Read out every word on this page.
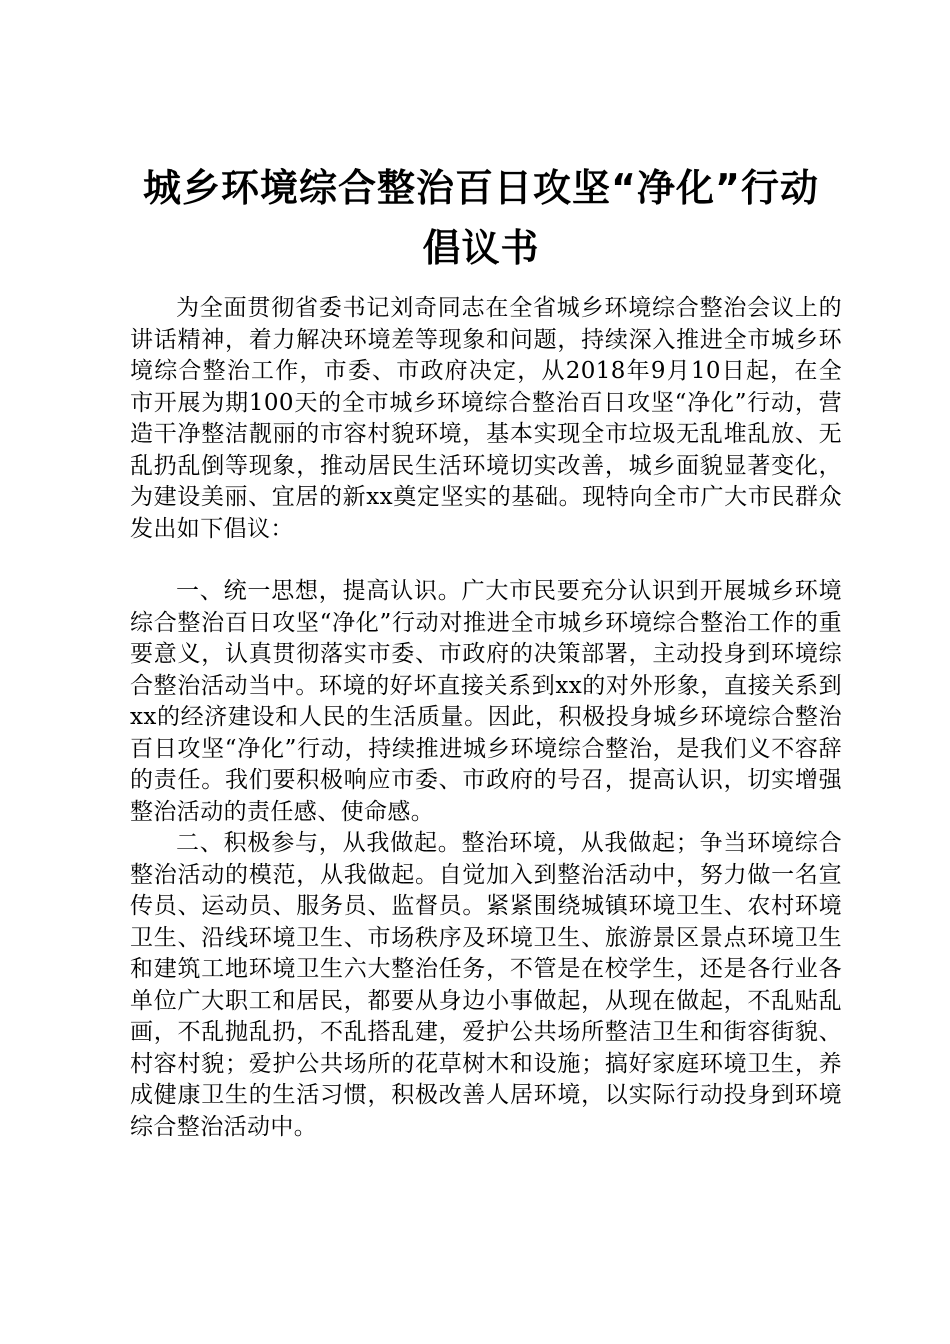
城乡环境综合整治百日攻坚“净化”行动倡议书

为全面贯彻省委书记刘奇同志在全省城乡环境综合整治会议上的讲话精神，着力解决环境差等现象和问题，持续深入推进全市城乡环境综合整治工作，市委、市政府决定，从2018年9月10日起，在全市开展为期100天的全市城乡环境综合整治百日攻坚“净化”行动，营造干净整洁靓丽的市容村貌环境，基本实现全市垃圾无乱堆乱放、无乱扔乱倒等现象，推动居民生活环境切实改善，城乡面貌显著变化，为建设美丽、宜居的新xx奠定坚实的基础。现特向全市广大市民群众发出如下倡议：

一、统一思想，提高认识。广大市民要充分认识到开展城乡环境综合整治百日攻坚“净化”行动对推进全市城乡环境综合整治工作的重要意义，认真贯彻落实市委、市政府的决策部署，主动投身到环境综合整治活动当中。环境的好坏直接关系到xx的对外形象，直接关系到xx的经济建设和人民的生活质量。因此，积极投身城乡环境综合整治百日攻坚“净化”行动，持续推进城乡环境综合整治，是我们义不容辞的责任。我们要积极响应市委、市政府的号召，提高认识，切实增强整治活动的责任感、使命感。

二、积极参与，从我做起。整治环境，从我做起；争当环境综合整治活动的模范，从我做起。自觉加入到整治活动中，努力做一名宣传员、运动员、服务员、监督员。紧紧围绕城镇环境卫生、农村环境卫生、沿线环境卫生、市场秩序及环境卫生、旅游景区景点环境卫生和建筑工地环境卫生六大整治任务，不管是在校学生，还是各行业各单位广大职工和居民，都要从身边小事做起，从现在做起，不乱贴乱画，不乱抛乱扔，不乱搭乱建，爱护公共场所整洁卫生和街容街貌、村容村貌；爱护公共场所的花草树木和设施；搞好家庭环境卫生，养成健康卫生的生活习惯，积极改善人居环境，以实际行动投身到环境综合整治活动中。
